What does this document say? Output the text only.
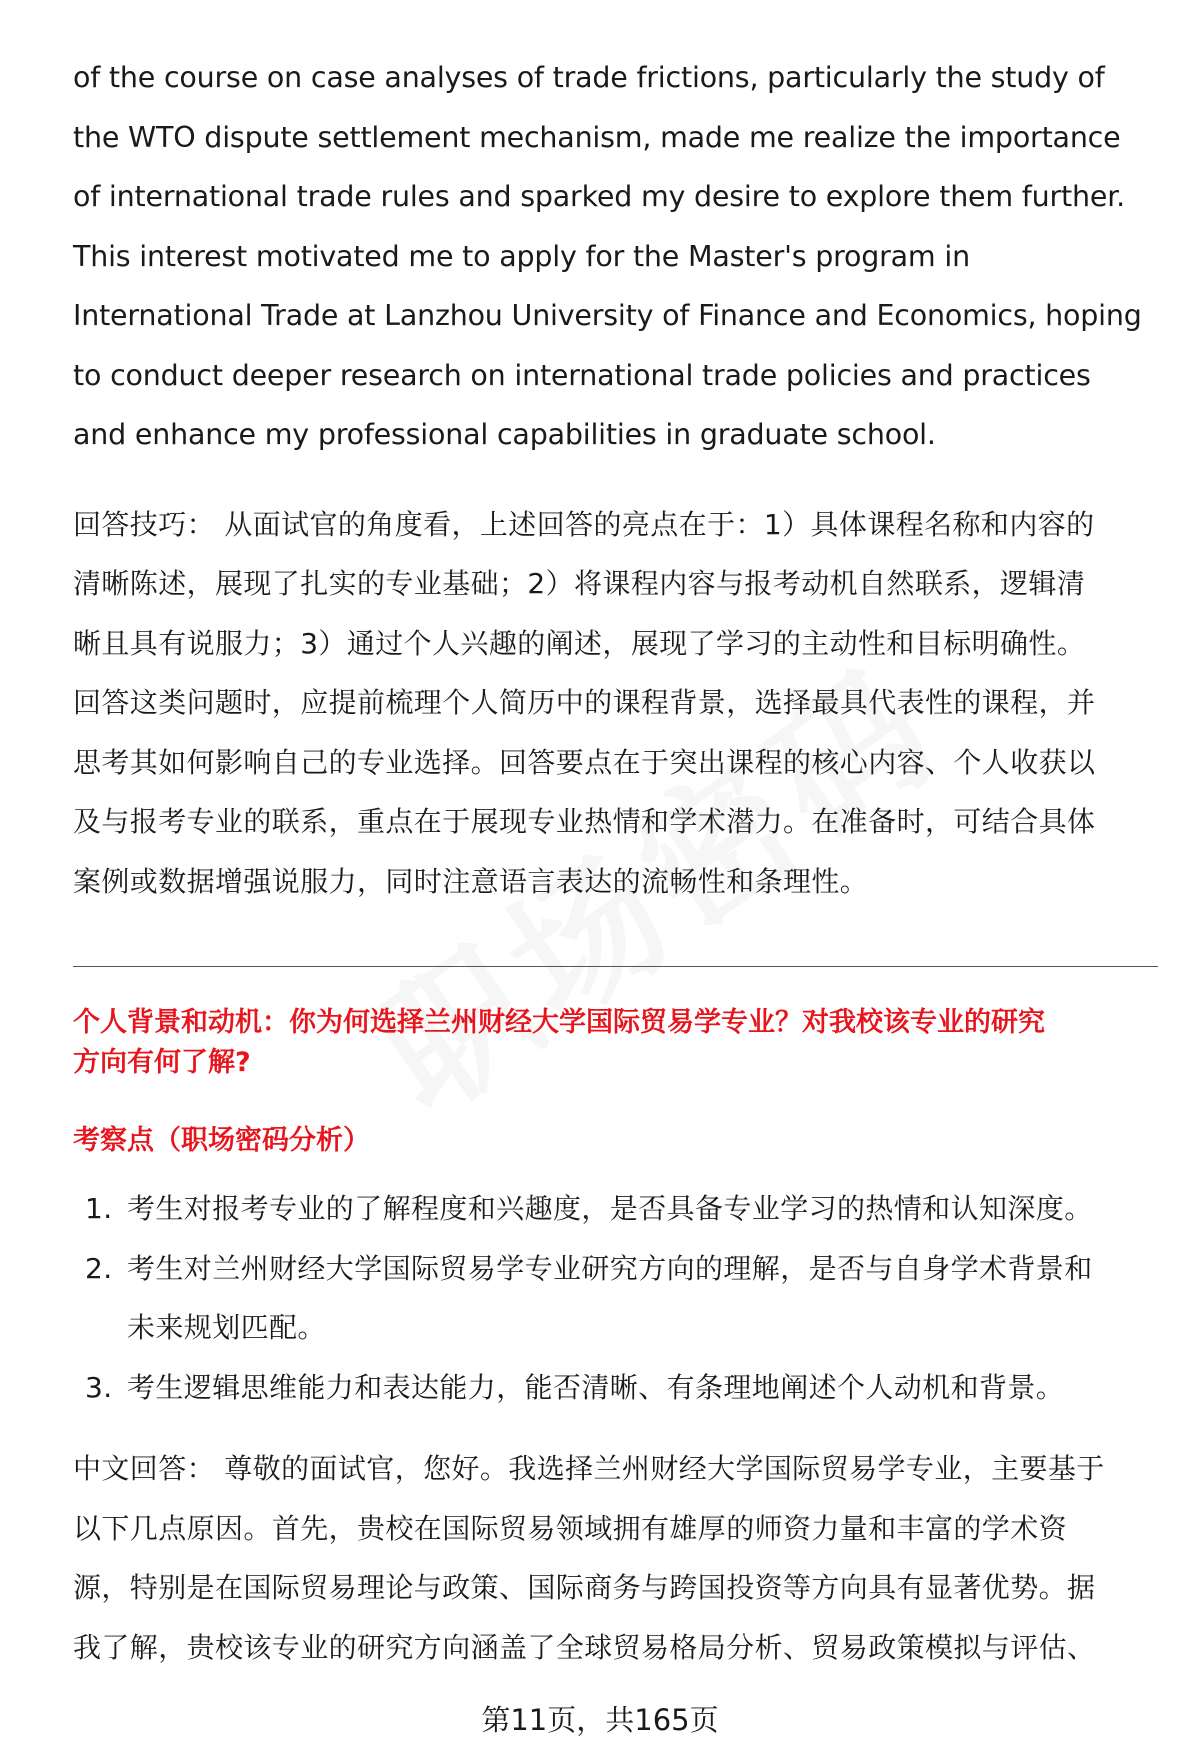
of the course on case analyses of trade frictions, particularly the study of

the WTO dispute settlement mechanism, made me realize the importance

of international trade rules and sparked my desire to explore them further.

This interest motivated me to apply for the Master's program in

International Trade at Lanzhou University of Finance and Economics, hoping

to conduct deeper research on international trade policies and practices

and enhance my professional capabilities in graduate school.

回答技巧： 从面试官的角度看，上述回答的亮点在于：1）具体课程名称和内容的

清晰陈述，展现了扎实的专业基础；2）将课程内容与报考动机自然联系，逻辑清

晰且具有说服力；3）通过个人兴趣的阐述，展现了学习的主动性和目标明确性。

回答这类问题时，应提前梳理个人简历中的课程背景，选择最具代表性的课程，并

思考其如何影响自己的专业选择。回答要点在于突出课程的核心内容、个人收获以

及与报考专业的联系，重点在于展现专业热情和学术潜力。在准备时，可结合具体

案例或数据增强说服力，同时注意语言表达的流畅性和条理性。

个人背景和动机：你为何选择兰州财经大学国际贸易学专业？对我校该专业的研究

方向有何了解?

考察点（职场密码分析）

1. 考生对报考专业的了解程度和兴趣度，是否具备专业学习的热情和认知深度。
2. 考生对兰州财经大学国际贸易学专业研究方向的理解，是否与自身学术背景和
未来规划匹配。
3. 考生逻辑思维能力和表达能力，能否清晰、有条理地阐述个人动机和背景。

中文回答： 尊敬的面试官，您好。我选择兰州财经大学国际贸易学专业，主要基于

以下几点原因。首先，贵校在国际贸易领域拥有雄厚的师资力量和丰富的学术资

源，特别是在国际贸易理论与政策、国际商务与跨国投资等方向具有显著优势。据

我了解，贵校该专业的研究方向涵盖了全球贸易格局分析、贸易政策模拟与评估、

第11页，共165页
